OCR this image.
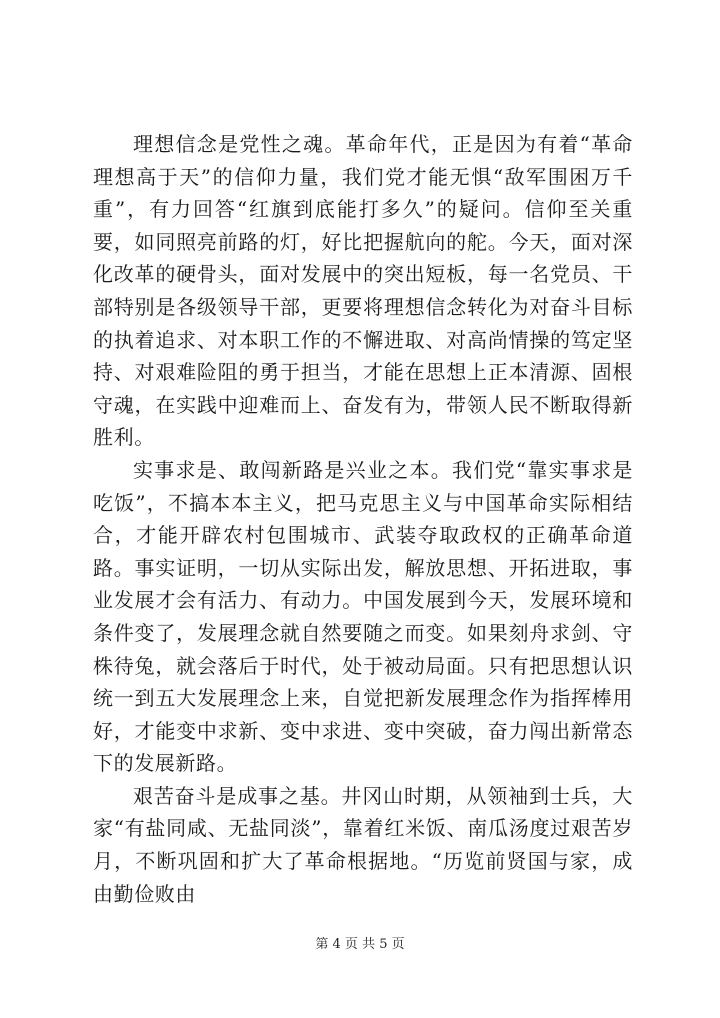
理想信念是党性之魂。革命年代，正是因为有着“革命理想高于天”的信仰力量，我们党才能无惧“敌军围困万千重”，有力回答“红旗到底能打多久”的疑问。信仰至关重要，如同照亮前路的灯，好比把握航向的舵。今天，面对深化改革的硬骨头，面对发展中的突出短板，每一名党员、干部特别是各级领导干部，更要将理想信念转化为对奋斗目标的执着追求、对本职工作的不懈进取、对高尚情操的笃定坚持、对艰难险阻的勇于担当，才能在思想上正本清源、固根守魂，在实践中迎难而上、奋发有为，带领人民不断取得新胜利。

实事求是、敢闯新路是兴业之本。我们党“靠实事求是吃饭”，不搞本本主义，把马克思主义与中国革命实际相结合，才能开辟农村包围城市、武装夺取政权的正确革命道路。事实证明，一切从实际出发，解放思想、开拓进取，事业发展才会有活力、有动力。中国发展到今天，发展环境和条件变了，发展理念就自然要随之而变。如果刻舟求剑、守株待兔，就会落后于时代，处于被动局面。只有把思想认识统一到五大发展理念上来，自觉把新发展理念作为指挥棒用好，才能变中求新、变中求进、变中突破，奋力闯出新常态下的发展新路。

艰苦奋斗是成事之基。井冈山时期，从领袖到士兵，大家“有盐同咸、无盐同淡”，靠着红米饭、南瓜汤度过艰苦岁月，不断巩固和扩大了革命根据地。“历览前贤国与家，成由勤俭败由

第 4 页 共 5 页
